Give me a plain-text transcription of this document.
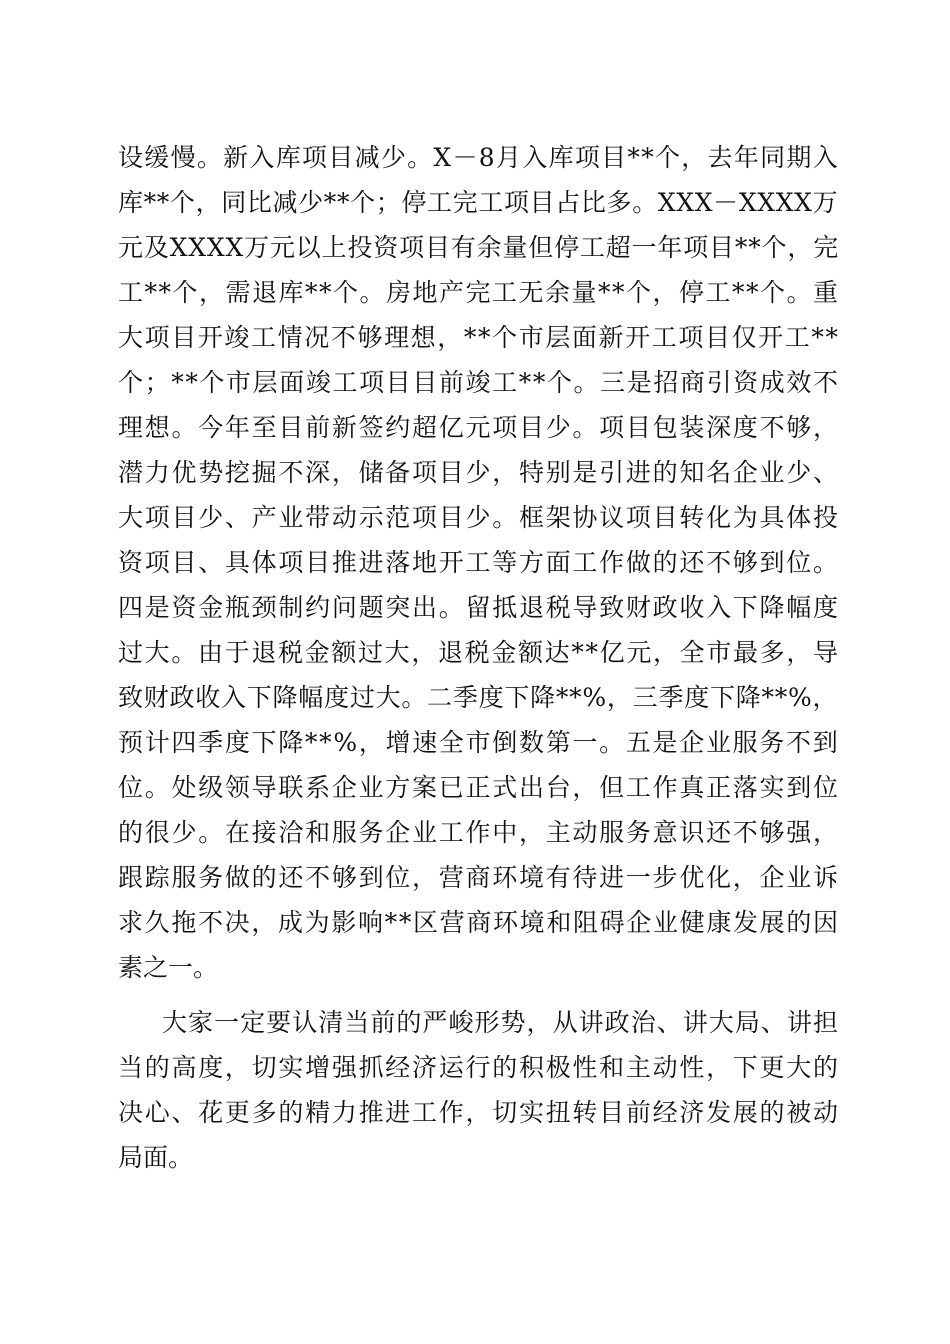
设缓慢。新入库项目减少。X－8月入库项目**个，去年同期入
库**个，同比减少**个；停工完工项目占比多。XXX－XXXX万
元及XXXX万元以上投资项目有余量但停工超一年项目**个，完
工**个，需退库**个。房地产完工无余量**个，停工**个。重
大项目开竣工情况不够理想，**个市层面新开工项目仅开工**
个；**个市层面竣工项目目前竣工**个。三是招商引资成效不
理想。今年至目前新签约超亿元项目少。项目包装深度不够，
潜力优势挖掘不深，储备项目少，特别是引进的知名企业少、
大项目少、产业带动示范项目少。框架协议项目转化为具体投
资项目、具体项目推进落地开工等方面工作做的还不够到位。
四是资金瓶颈制约问题突出。留抵退税导致财政收入下降幅度
过大。由于退税金额过大，退税金额达**亿元，全市最多，导
致财政收入下降幅度过大。二季度下降**%，三季度下降**%，
预计四季度下降**%，增速全市倒数第一。五是企业服务不到
位。处级领导联系企业方案已正式出台，但工作真正落实到位
的很少。在接洽和服务企业工作中，主动服务意识还不够强，
跟踪服务做的还不够到位，营商环境有待进一步优化，企业诉
求久拖不决，成为影响**区营商环境和阻碍企业健康发展的因
素之一。
大家一定要认清当前的严峻形势，从讲政治、讲大局、讲担
当的高度，切实增强抓经济运行的积极性和主动性，下更大的
决心、花更多的精力推进工作，切实扭转目前经济发展的被动
局面。
